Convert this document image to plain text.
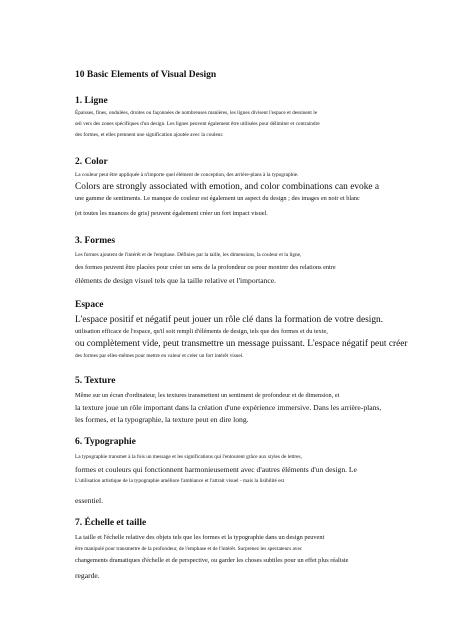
10 Basic Elements of Visual Design
1. Ligne
Épaisses, fines, ondulées, droites ou façonnées de nombreuses manières, les lignes divisent l'espace et dessinent le
œil vers des zones spécifiques d'un design. Les lignes peuvent également être utilisées pour délimiter et contraindre
des formes, et elles prennent une signification ajoutée avec la couleur.
2. Color
La couleur peut être appliquée à n'importe quel élément de conception, des arrière-plans à la typographie.
Colors are strongly associated with emotion, and color combinations can evoke a
une gamme de sentiments. Le manque de couleur est également un aspect du design ; des images en noir et blanc
(et toutes les nuances de gris) peuvent également créer un fort impact visuel.
3. Formes
Les formes ajoutent de l'intérêt et de l'emphase. Définies par la taille, les dimensions, la couleur et la ligne,
des formes peuvent être placées pour créer un sens de la profondeur ou pour montrer des relations entre
éléments de design visuel tels que la taille relative et l'importance.
Espace
L'espace positif et négatif peut jouer un rôle clé dans la formation de votre design.
utilisation efficace de l'espace, qu'il soit rempli d'éléments de design, tels que des formes et du texte,
ou complètement vide, peut transmettre un message puissant. L'espace négatif peut créer
des formes par elles-mêmes pour mettre en valeur et créer un fort intérêt visuel.
5. Texture
Même sur un écran d'ordinateur, les textures transmettent un sentiment de profondeur et de dimension, et
la texture joue un rôle important dans la création d'une expérience immersive. Dans les arrière-plans,
les formes, et la typographie, la texture peut en dire long.
6. Typographie
La typographie transmet à la fois un message et les significations qui l'entourent grâce aux styles de lettres,
formes et couleurs qui fonctionnent harmonieusement avec d'autres éléments d'un design. Le
L'utilisation artistique de la typographie améliore l'ambiance et l'attrait visuel - mais la lisibilité est
essentiel.
7. Échelle et taille
La taille et l'échelle relative des objets tels que les formes et la typographie dans un design peuvent
être manipulé pour transmettre de la profondeur, de l'emphase et de l'intérêt. Surprenez les spectateurs avec
changements dramatiques d'échelle et de perspective, ou garder les choses subtiles pour un effet plus réaliste
regarde.
